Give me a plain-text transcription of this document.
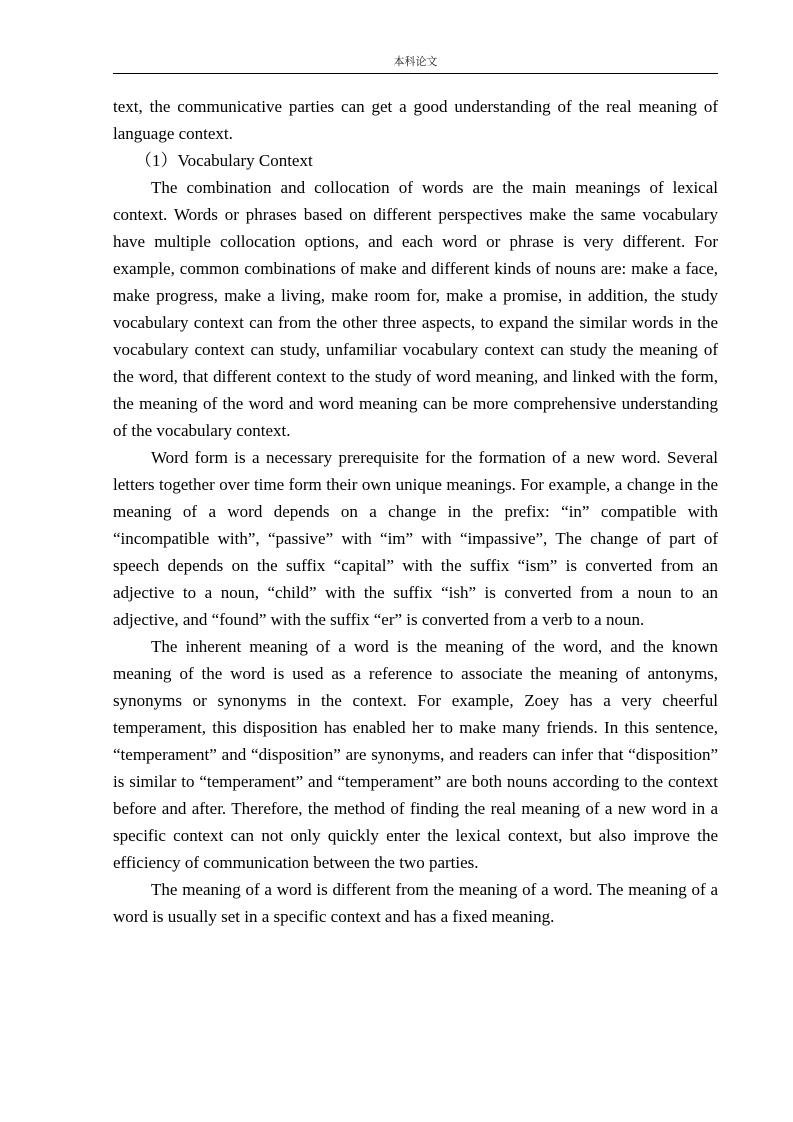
本科论文

text, the communicative parties can get a good understanding of the real meaning of language context.

（1）Vocabulary Context

The combination and collocation of words are the main meanings of lexical context. Words or phrases based on different perspectives make the same vocabulary have multiple collocation options, and each word or phrase is very different. For example, common combinations of make and different kinds of nouns are: make a face, make progress, make a living, make room for, make a promise, in addition, the study vocabulary context can from the other three aspects, to expand the similar words in the vocabulary context can study, unfamiliar vocabulary context can study the meaning of the word, that different context to the study of word meaning, and linked with the form, the meaning of the word and word meaning can be more comprehensive understanding of the vocabulary context.

Word form is a necessary prerequisite for the formation of a new word. Several letters together over time form their own unique meanings. For example, a change in the meaning of a word depends on a change in the prefix: “in” compatible with “incompatible with”, “passive” with “im” with “impassive”, The change of part of speech depends on the suffix “capital” with the suffix “ism” is converted from an adjective to a noun, “child” with the suffix “ish” is converted from a noun to an adjective, and “found” with the suffix “er” is converted from a verb to a noun.

The inherent meaning of a word is the meaning of the word, and the known meaning of the word is used as a reference to associate the meaning of antonyms, synonyms or synonyms in the context. For example, Zoey has a very cheerful temperament, this disposition has enabled her to make many friends. In this sentence, “temperament” and “disposition” are synonyms, and readers can infer that “disposition” is similar to “temperament” and “temperament” are both nouns according to the context before and after. Therefore, the method of finding the real meaning of a new word in a specific context can not only quickly enter the lexical context, but also improve the efficiency of communication between the two parties.

The meaning of a word is different from the meaning of a word. The meaning of a word is usually set in a specific context and has a fixed meaning.
